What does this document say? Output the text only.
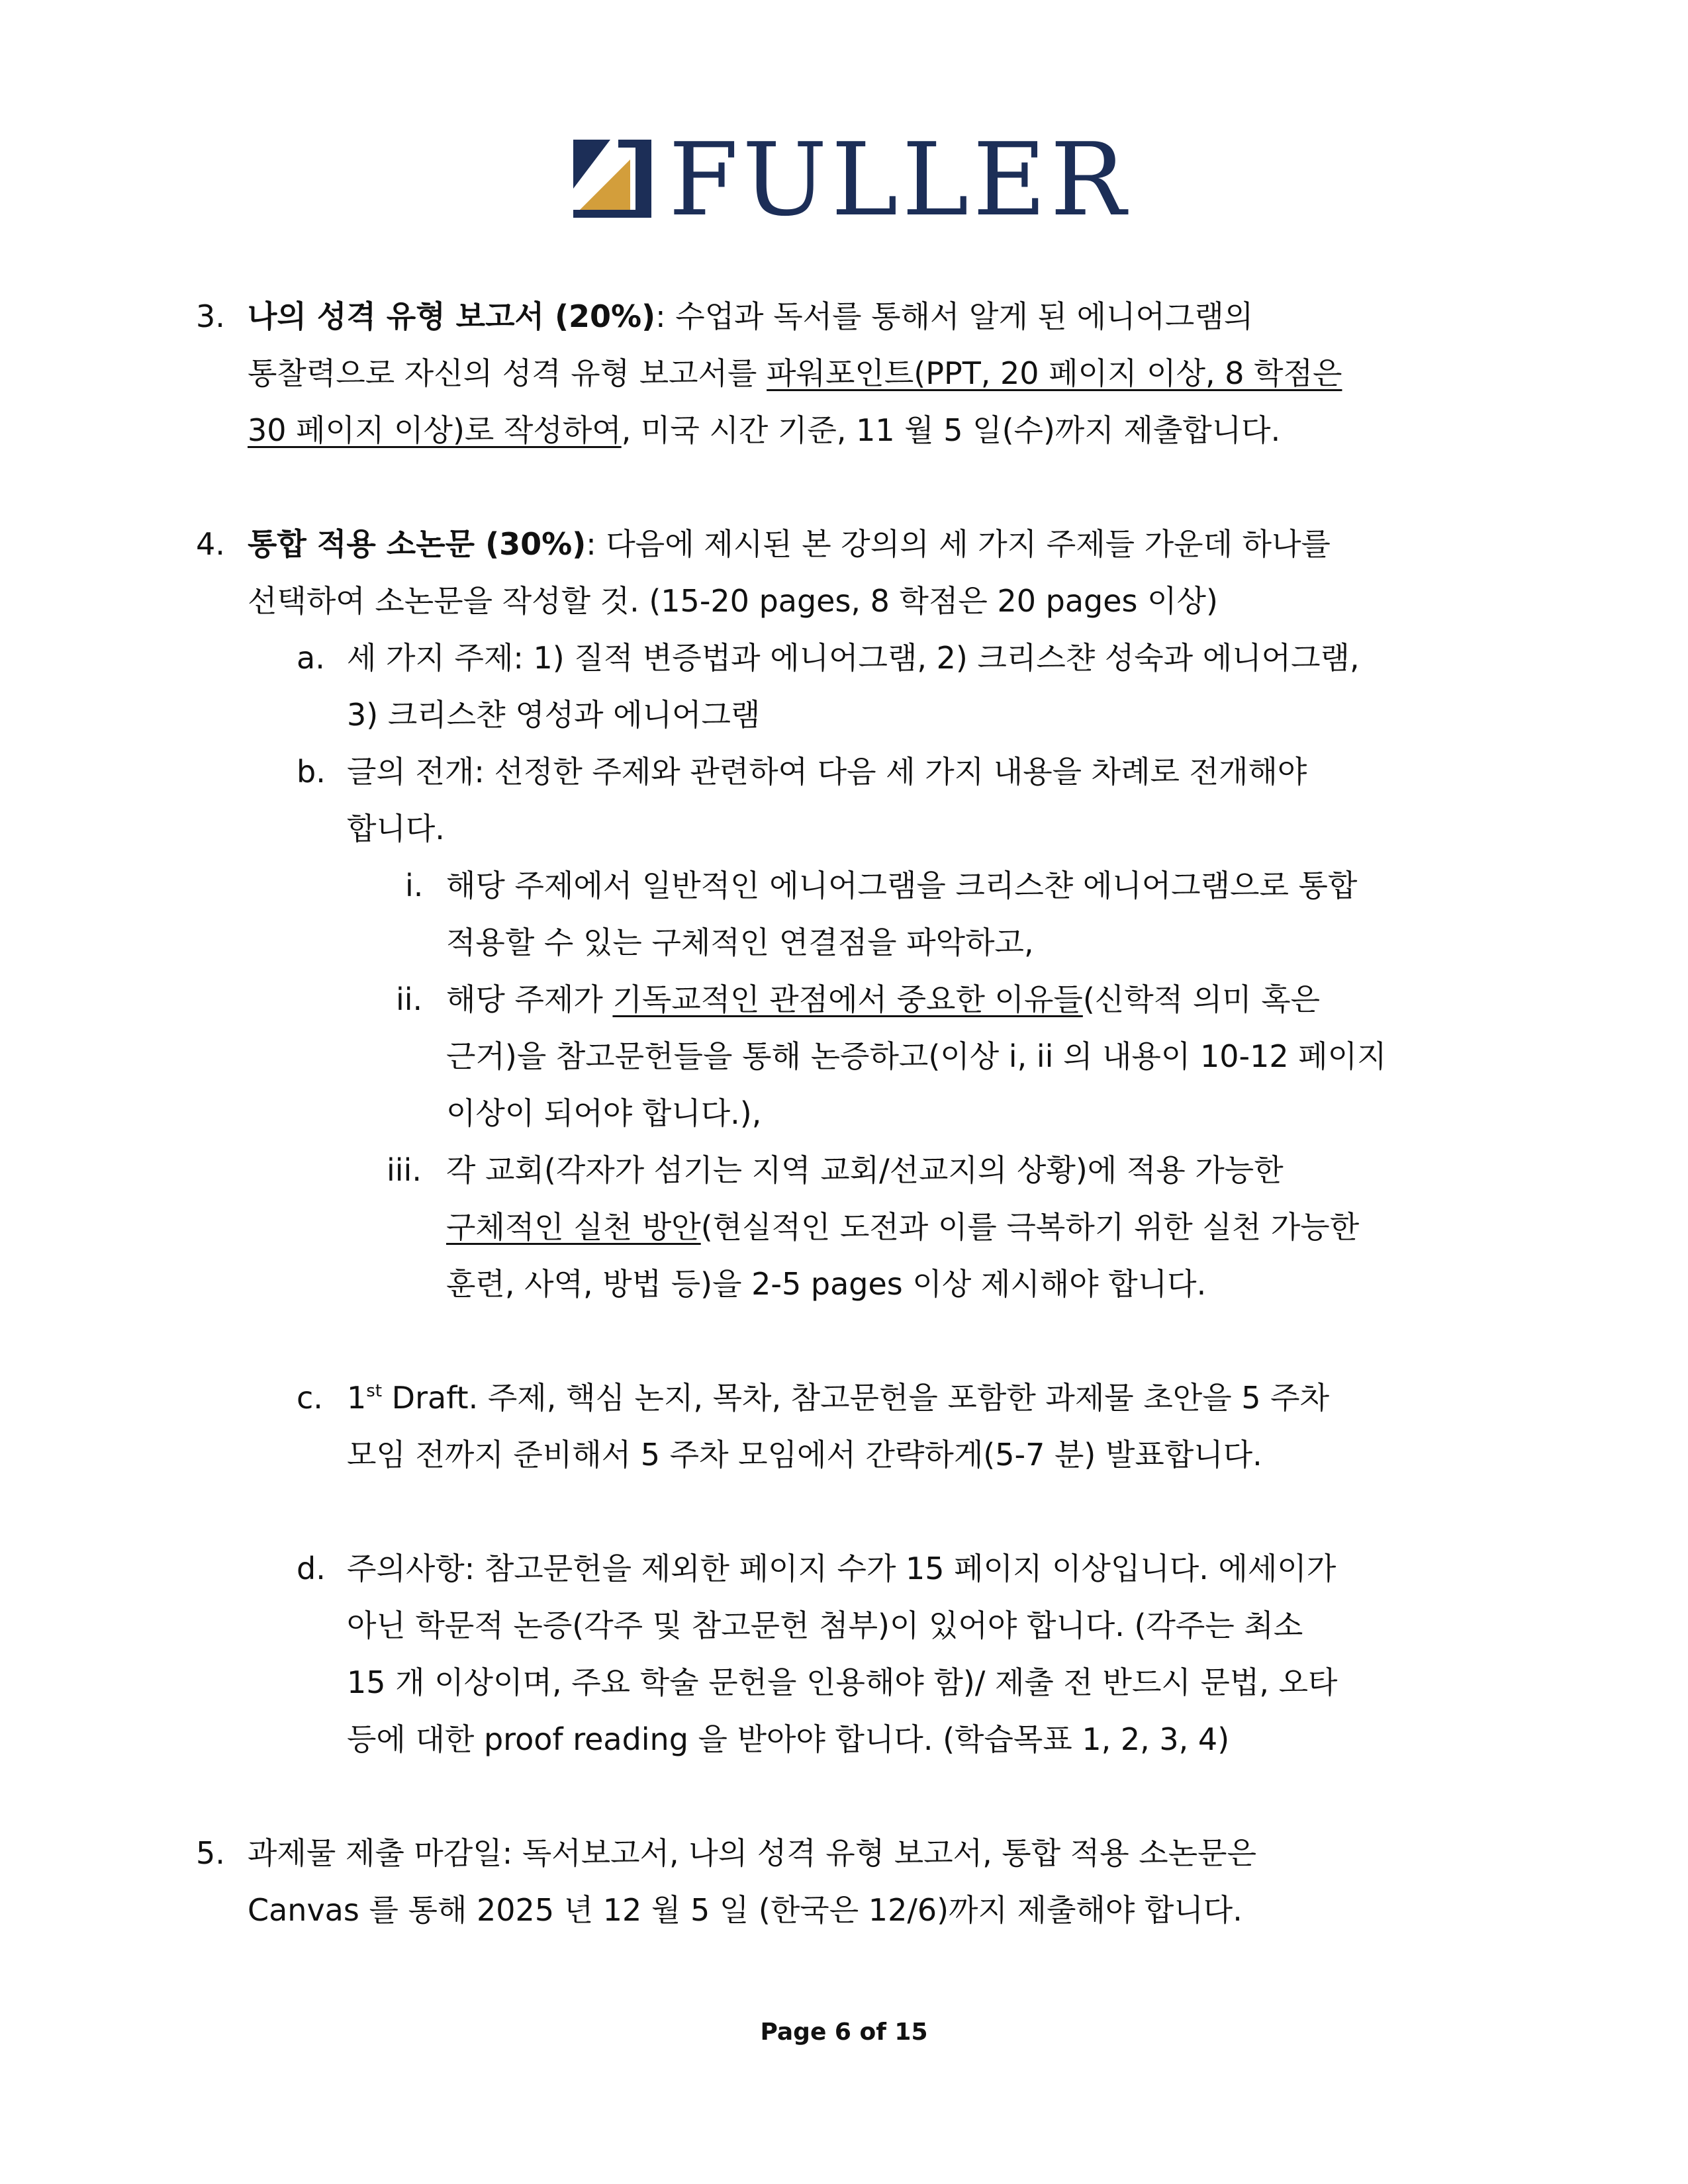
FULLER
3. 나의 성격 유형 보고서 (20%): 수업과 독서를 통해서 알게 된 에니어그램의
통찰력으로 자신의 성격 유형 보고서를 파워포인트(PPT, 20 페이지 이상, 8 학점은
30 페이지 이상)로 작성하여, 미국 시간 기준, 11 월 5 일(수)까지 제출합니다.
4. 통합 적용 소논문 (30%): 다음에 제시된 본 강의의 세 가지 주제들 가운데 하나를
선택하여 소논문을 작성할 것. (15-20 pages, 8 학점은 20 pages 이상)
a. 세 가지 주제: 1) 질적 변증법과 에니어그램, 2) 크리스챤 성숙과 에니어그램,
3) 크리스챤 영성과 에니어그램
b. 글의 전개: 선정한 주제와 관련하여 다음 세 가지 내용을 차례로 전개해야
합니다.
i. 해당 주제에서 일반적인 에니어그램을 크리스챤 에니어그램으로 통합
적용할 수 있는 구체적인 연결점을 파악하고,
ii. 해당 주제가 기독교적인 관점에서 중요한 이유들(신학적 의미 혹은
근거)을 참고문헌들을 통해 논증하고(이상 i, ii 의 내용이 10-12 페이지
이상이 되어야 합니다.),
iii. 각 교회(각자가 섬기는 지역 교회/선교지의 상황)에 적용 가능한
구체적인 실천 방안(현실적인 도전과 이를 극복하기 위한 실천 가능한
훈련, 사역, 방법 등)을 2-5 pages 이상 제시해야 합니다.
c. 1st Draft. 주제, 핵심 논지, 목차, 참고문헌을 포함한 과제물 초안을 5 주차
모임 전까지 준비해서 5 주차 모임에서 간략하게(5-7 분) 발표합니다.
d. 주의사항: 참고문헌을 제외한 페이지 수가 15 페이지 이상입니다. 에세이가
아닌 학문적 논증(각주 및 참고문헌 첨부)이 있어야 합니다. (각주는 최소
15 개 이상이며, 주요 학술 문헌을 인용해야 함)/ 제출 전 반드시 문법, 오타
등에 대한 proof reading 을 받아야 합니다. (학습목표 1, 2, 3, 4)
5. 과제물 제출 마감일: 독서보고서, 나의 성격 유형 보고서, 통합 적용 소논문은
Canvas 를 통해 2025 년 12 월 5 일 (한국은 12/6)까지 제출해야 합니다.
Page 6 of 15
